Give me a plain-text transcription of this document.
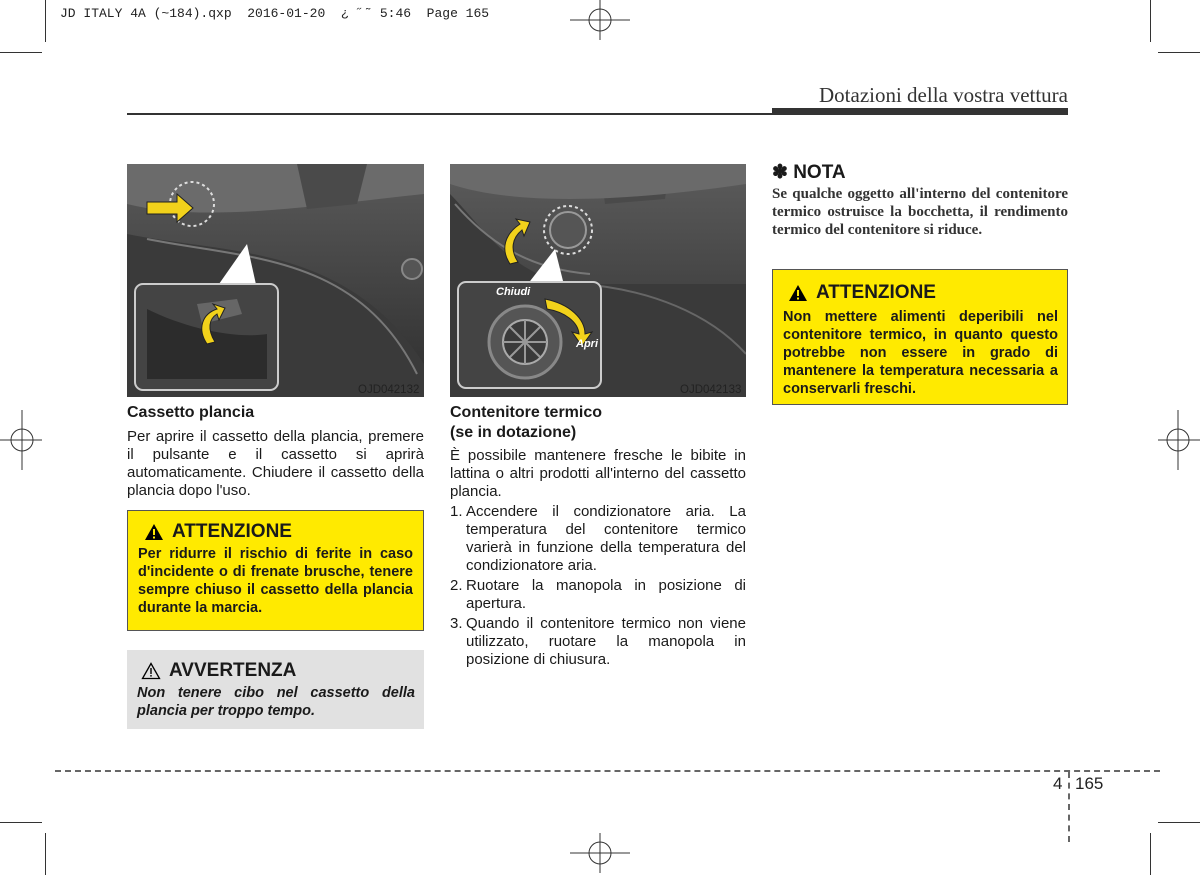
JD ITALY 4A (~184).qxp  2016-01-20  ¿ ˝˜ 5:46  Page 165
Dotazioni della vostra vettura
OJD042132
Cassetto plancia
Per aprire il cassetto della plancia, premere il pulsante e il cassetto si aprirà automaticamente. Chiudere il cassetto della plancia dopo l'uso.
ATTENZIONE
Per ridurre il rischio di ferite in caso d'incidente o di frenate brusche, tenere sempre chiuso il cassetto della plancia durante la marcia.
AVVERTENZA
Non tenere cibo nel cassetto della plancia per troppo tempo.
Chiudi
Apri
OJD042133
Contenitore termico
(se in dotazione)
È possibile mantenere fresche le bibite in lattina o altri prodotti all'interno del cassetto plancia.
1. Accendere il condizionatore aria. La temperatura del contenitore termico varierà in funzione della temperatura del condizionatore aria.
2. Ruotare la manopola in posizione di apertura.
3. Quando il contenitore termico non viene utilizzato, ruotare la manopola in posizione di chiusura.
✽ NOTA
Se qualche oggetto all'interno del contenitore termico ostruisce la bocchetta, il rendimento termico del contenitore si riduce.
ATTENZIONE
Non mettere alimenti deperibili nel contenitore termico, in quanto questo potrebbe non essere in grado di mantenere la temperatura necessaria a conservarli freschi.
4 165
